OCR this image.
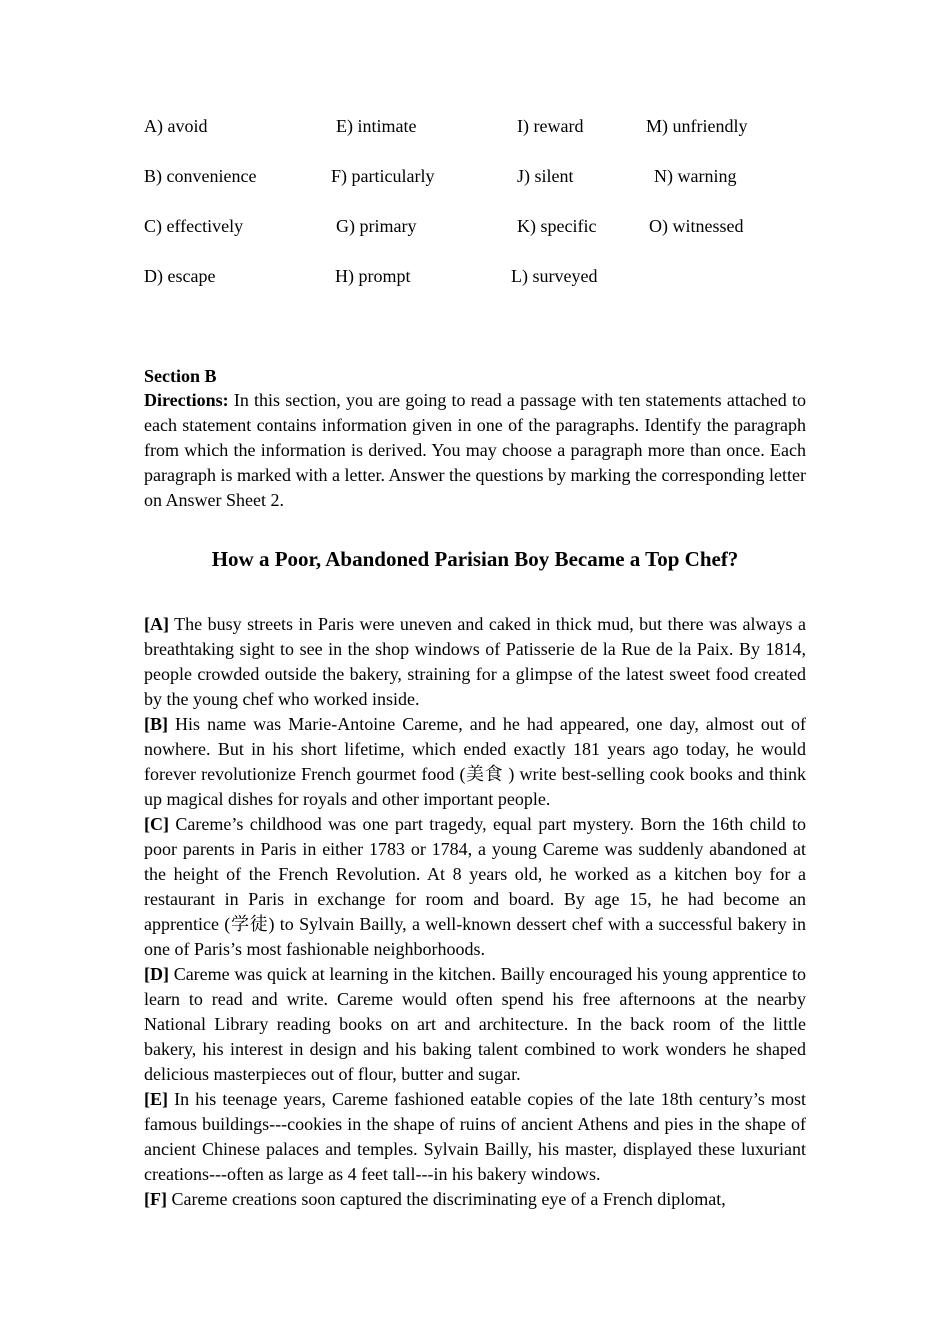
A) avoid	E) intimate	I) reward	M) unfriendly
B) convenience	F) particularly	J) silent	N) warning
C) effectively	G) primary	K) specific	O) witnessed
D) escape	H) prompt	L) surveyed
Section B
Directions: In this section, you are going to read a passage with ten statements attached to each statement contains information given in one of the paragraphs. Identify the paragraph from which the information is derived. You may choose a paragraph more than once. Each paragraph is marked with a letter. Answer the questions by marking the corresponding letter on Answer Sheet 2.
How a Poor, Abandoned Parisian Boy Became a Top Chef?

[A] The busy streets in Paris were uneven and caked in thick mud, but there was always a breathtaking sight to see in the shop windows of Patisserie de la Rue de la Paix. By 1814, people crowded outside the bakery, straining for a glimpse of the latest sweet food created by the young chef who worked inside.

[B] His name was Marie-Antoine Careme, and he had appeared, one day, almost out of nowhere. But in his short lifetime, which ended exactly 181 years ago today, he would forever revolutionize French gourmet food (美食 ) write best-selling cook books and think up magical dishes for royals and other important people.

[C] Careme’s childhood was one part tragedy, equal part mystery. Born the 16th child to poor parents in Paris in either 1783 or 1784, a young Careme was suddenly abandoned at the height of the French Revolution. At 8 years old, he worked as a kitchen boy for a restaurant in Paris in exchange for room and board. By age 15, he had become an apprentice (学徒) to Sylvain Bailly, a well-known dessert chef with a successful bakery in one of Paris’s most fashionable neighborhoods.

[D] Careme was quick at learning in the kitchen. Bailly encouraged his young apprentice to learn to read and write. Careme would often spend his free afternoons at the nearby National Library reading books on art and architecture. In the back room of the little bakery, his interest in design and his baking talent combined to work wonders he shaped delicious masterpieces out of flour, butter and sugar.

[E] In his teenage years, Careme fashioned eatable copies of the late 18th century’s most famous buildings---cookies in the shape of ruins of ancient Athens and pies in the shape of ancient Chinese palaces and temples. Sylvain Bailly, his master, displayed these luxuriant creations---often as large as 4 feet tall---in his bakery windows.

[F] Careme creations soon captured the discriminating eye of a French diplomat,
